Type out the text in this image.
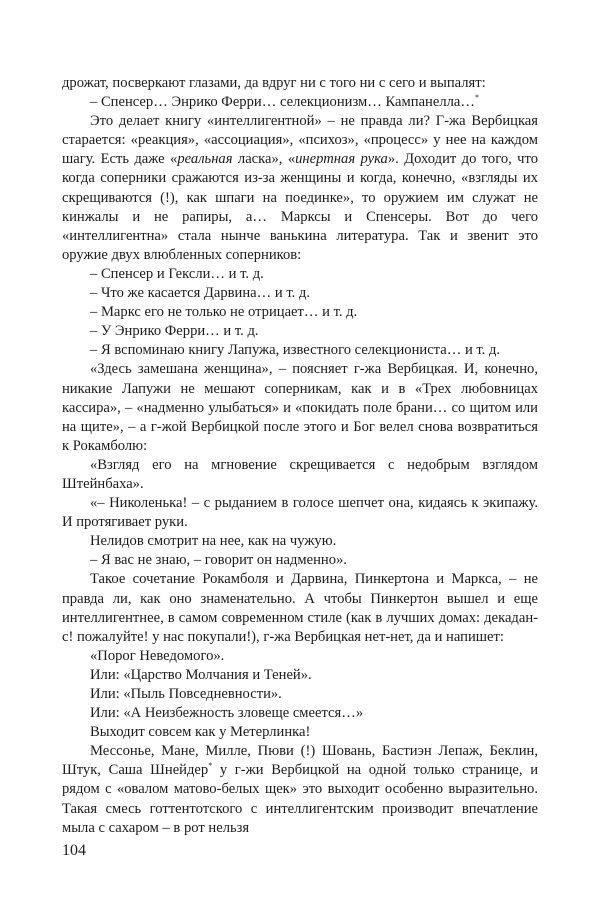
дрожат, посверкают глазами, да вдруг ни с того ни с сего и выпалят:

– Спенсер… Энрико Ферри… селекционизм… Кампанелла…*

Это делает книгу «интеллигентной» – не правда ли? Г-жа Вербицкая старается: «реакция», «ассоциация», «психоз», «процесс» у нее на каждом шагу. Есть даже «реальная ласка», «инертная рука». Доходит до того, что когда соперники сражаются из-за женщины и когда, конечно, «взгляды их скрещиваются (!), как шпаги на поединке», то оружием им служат не кинжалы и не рапиры, а… Марксы и Спенсеры. Вот до чего «интеллигентна» стала нынче ванькина литература. Так и звенит это оружие двух влюбленных соперников:

– Спенсер и Гексли… и т. д.

– Что же касается Дарвина… и т. д.

– Маркс его не только не отрицает… и т. д.

– У Энрико Ферри… и т. д.

– Я вспоминаю книгу Лапужа, известного селекциониста… и т. д.

«Здесь замешана женщина», – поясняет г-жа Вербицкая. И, конечно, никакие Лапужи не мешают соперникам, как и в «Трех любовницах кассира», – «надменно улыбаться» и «покидать поле брани… со щитом или на щите», – а г-жой Вербицкой после этого и Бог велел снова возвратиться к Рокамболю:

«Взгляд его на мгновение скрещивается с недобрым взглядом Штейнбаха».

«– Николенька! – с рыданием в голосе шепчет она, кидаясь к экипажу. И протягивает руки.

Нелидов смотрит на нее, как на чужую.

– Я вас не знаю, – говорит он надменно».

Такое сочетание Рокамболя и Дарвина, Пинкертона и Маркса, – не правда ли, как оно знаменательно. А чтобы Пинкертон вышел и еще интеллигентнее, в самом современном стиле (как в лучших домах: декадан-с! пожалуйте! у нас покупали!), г-жа Вербицкая нет-нет, да и напишет:

«Порог Неведомого».

Или: «Царство Молчания и Теней».

Или: «Пыль Повседневности».

Или: «А Неизбежность зловеще смеется…»

Выходит совсем как у Метерлинка!

Мессонье, Мане, Милле, Пюви (!) Шовань, Бастиэн Лепаж, Беклин, Штук, Саша Шнейдер* у г-жи Вербицкой на одной только странице, и рядом с «овалом матово-белых щек» это выходит особенно выразительно. Такая смесь готтентотского с интеллигентским производит впечатление мыла с сахаром – в рот нельзя

104
